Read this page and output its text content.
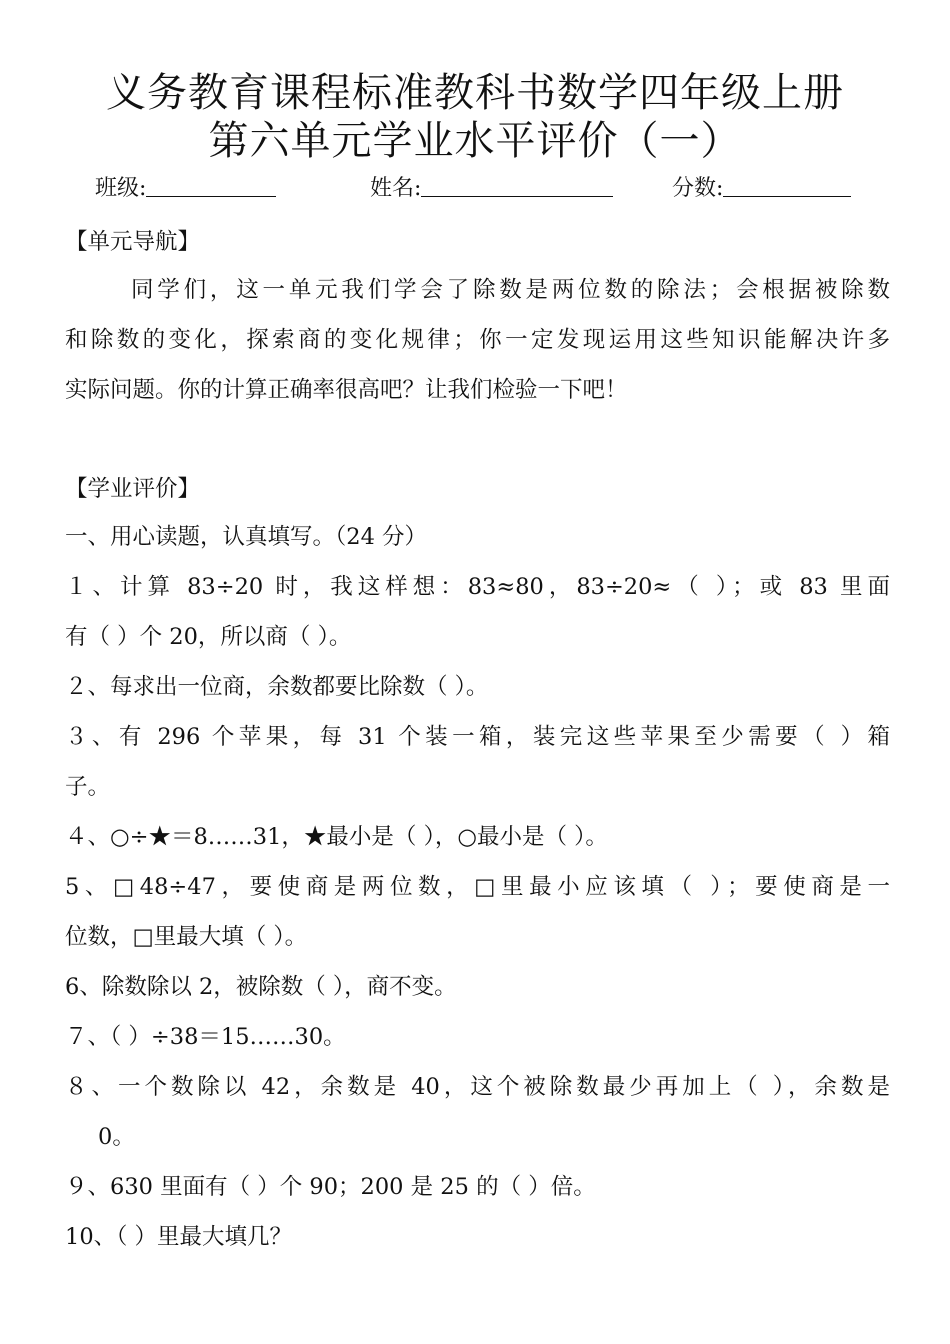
义务教育课程标准教科书数学四年级上册
第六单元学业水平评价（一）
班级:	姓名:	分数:
【单元导航】
同学们，这一单元我们学会了除数是两位数的除法；会根据被除数
和除数的变化，探索商的变化规律；你一定发现运用这些知识能解决许多
实际问题。你的计算正确率很高吧？让我们检验一下吧！
【学业评价】
一、用心读题，认真填写。（24 分）
１、计算 83÷20 时，我这样想：83≈80，83÷20≈（ ）；或 83 里面
有（ ）个 20，所以商（ ）。
２、每求出一位商，余数都要比除数（ ）。
３、有 296 个苹果，每 31 个装一箱，装完这些苹果至少需要（ ）箱
子。
４、○÷★＝8……31，★最小是（ ），○最小是（ ）。
5、□48÷47，要使商是两位数，□里最小应该填（ ）；要使商是一
位数，□里最大填（ ）。
6、除数除以 2，被除数（ ），商不变。
７、（ ）÷38＝15……30。
８、一个数除以 42，余数是 40，这个被除数最少再加上（ ），余数是
0。
９、630 里面有（ ）个 90；200 是 25 的（ ）倍。
10、（ ）里最大填几？
